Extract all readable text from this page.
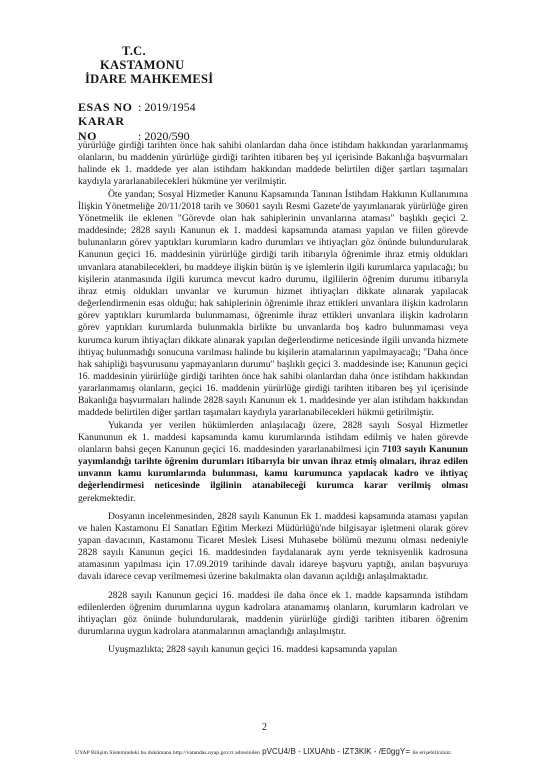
T.C.
KASTAMONU
İDARE MAHKEMESİ
ESAS NO : 2019/1954
KARAR NO	: 2020/590

yürürlüğe girdiği tarihten önce hak sahibi olanlardan daha önce istihdam hakkından yararlanmamış olanların, bu maddenin yürürlüğe girdiği tarihten itibaren beş yıl içerisinde Bakanlığa başvurmaları halinde ek 1. maddede yer alan istihdam hakkından maddede belirtilen diğer şartları taşımaları kaydıyla yararlanabilecekleri hükmüne yer verilmiştir.

Öte yandan; Sosyal Hizmetler Kanunu Kapsamında Tanınan İstihdam Hakkının Kullanımına İlişkin Yönetmeliğe 20/11/2018 tarih ve 30601 sayılı Resmi Gazete'de yayımlanarak yürürlüğe giren Yönetmelik ile eklenen "Görevde olan hak sahiplerinin unvanlarına ataması" başlıklı geçici 2. maddesinde; 2828 sayılı Kanunun ek 1. maddesi kapsamında ataması yapılan ve fiilen görevde bulunanların görev yaptıkları kurumların kadro durumları ve ihtiyaçları göz önünde bulundurularak Kanunun geçici 16. maddesinin yürürlüğe girdiği tarih itibarıyla öğrenimle ihraz etmiş oldukları unvanlara atanabilecekleri, bu maddeye ilişkin bütün iş ve işlemlerin ilgili kurumlarca yapılacağı; bu kişilerin atanmasında ilgili kurumca mevcut kadro durumu, ilgililerin öğrenim durumu itibarıyla ihraz etmiş oldukları unvanlar ve kurumun hizmet ihtiyaçları dikkate alınarak yapılacak değerlendirmenin esas olduğu; hak sahiplerinin öğrenimle ihraz ettikleri unvanlara ilişkin kadroların görev yaptıkları kurumlarda bulunmaması, öğrenimle ihraz ettikleri unvanlara ilişkin kadroların görev yaptıkları kurumlarda bulunmakla birlikte bu unvanlarda boş kadro bulunmaması veya kurumca kurum ihtiyaçları dikkate alınarak yapılan değerlendirme neticesinde ilgili unvanda hizmete ihtiyaç bulunmadığı sonucuna varılması halinde bu kişilerin atamalarının yapılmayacağı; "Daha önce hak sahipliği başvurusunu yapmayanların durumu" başlıklı geçici 3. maddesinde ise; Kanunun geçici 16. maddesinin yürürlüğe girdiği tarihten önce hak sahibi olanlardan daha önce istihdam hakkından yararlanmamış olanların, geçici 16. maddenin yürürlüğe girdiği tarihten itibaren beş yıl içerisinde Bakanlığa başvurmaları halinde 2828 sayılı Kanunun ek 1. maddesinde yer alan istihdam hakkından maddede belirtilen diğer şartları taşımaları kaydıyla yararlanabilecekleri hükmü getirilmiştir.

Yukarıda yer verilen hükümlerden anlaşılacağı üzere, 2828 sayılı Sosyal Hizmetler Kanununun ek 1. maddesi kapsamında kamu kurumlarında istihdam edilmiş ve halen görevde olanların bahsi geçen Kanunun geçici 16. maddesinden yararlanabilmesi için 7103 sayılı Kanunun yayımlandığı tarihte öğrenim durumları itibarıyla bir unvan ihraz etmiş olmaları, ihraz edilen unvanın kamu kurumlarında bulunması, kamu kurumunca yapılacak kadro ve ihtiyaç değerlendirmesi neticesinde ilgilinin atanabileceği kurumca karar verilmiş olması gerekmektedir.

Dosyanın incelenmesinden, 2828 sayılı Kanunun Ek 1. maddesi kapsamında ataması yapılan ve halen Kastamonu El Sanatları Eğitim Merkezi Müdürlüğü'nde bilgisayar işletmeni olarak görev yapan davacının, Kastamonu Ticaret Meslek Lisesi Muhasebe bölümü mezunu olması nedeniyle 2828 sayılı Kanunun geçici 16. maddesinden faydalanarak aynı yerde teknisyenlik kadrosuna atamasının yapılması için 17.09.2019 tarihinde davalı idareye başvuru yaptığı, anılan başvuruya davalı idarece cevap verilmemesi üzerine bakılmakta olan davanın açıldığı anlaşılmaktadır.

2828 sayılı Kanunun geçici 16. maddesi ile daha önce ek 1. madde kapsamında istihdam edilenlerden öğrenim durumlarına uygun kadrolara atanamamış olanların, kurumların kadroları ve ihtiyaçları göz önünde bulundurularak, maddenin yürürlüğe girdiği tarihten itibaren öğrenim durumlarına uygun kadrolara atanmalarının amaçlandığı anlaşılmıştır.

Uyuşmazlıkta; 2828 sayılı kanunun geçici 16. maddesi kapsamında yapılan

2
UYAP Bilişim Sistemindeki bu dokümana http://vatandas.uyap.gov.tr adresinden pVCU4/B - LlXUAhb - IZT3KlK - /E0ggY= ile erişebilirsiniz.
